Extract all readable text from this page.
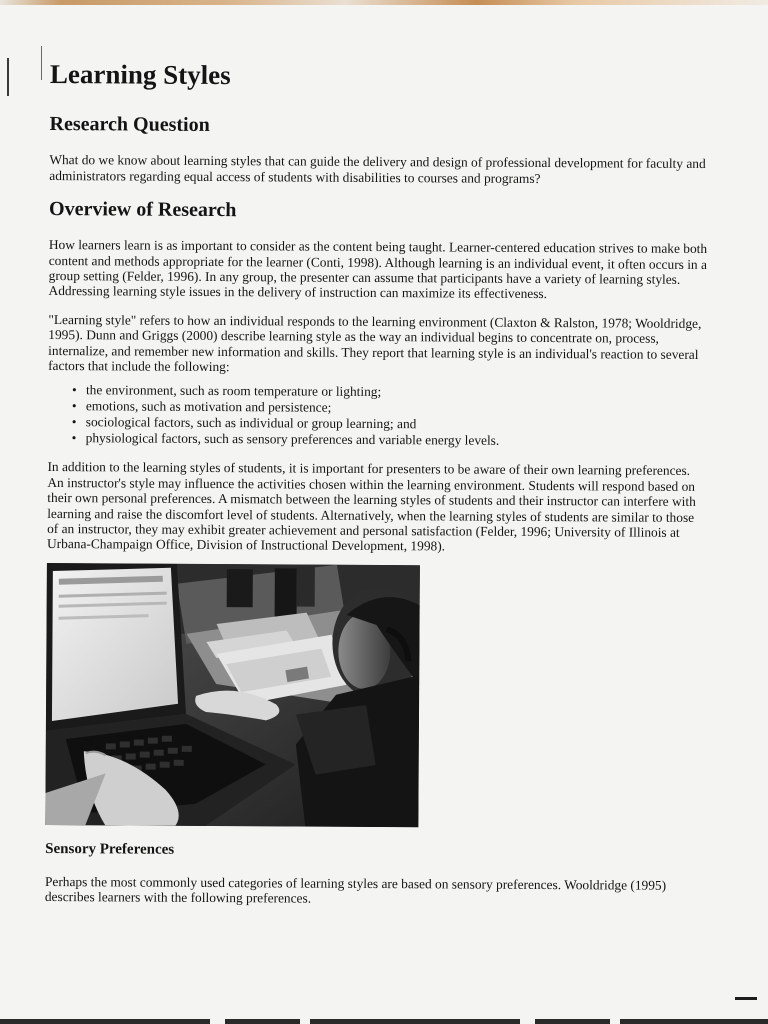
Learning Styles
Research Question

What do we know about learning styles that can guide the delivery and design of professional development for faculty and administrators regarding equal access of students with disabilities to courses and programs?

Overview of Research

How learners learn is as important to consider as the content being taught. Learner-centered education strives to make both content and methods appropriate for the learner (Conti, 1998). Although learning is an individual event, it often occurs in a group setting (Felder, 1996). In any group, the presenter can assume that participants have a variety of learning styles. Addressing learning style issues in the delivery of instruction can maximize its effectiveness.

"Learning style" refers to how an individual responds to the learning environment (Claxton & Ralston, 1978; Wooldridge, 1995). Dunn and Griggs (2000) describe learning style as the way an individual begins to concentrate on, process, internalize, and remember new information and skills. They report that learning style is an individual's reaction to several factors that include the following:

• the environment, such as room temperature or lighting;
• emotions, such as motivation and persistence;
• sociological factors, such as individual or group learning; and
• physiological factors, such as sensory preferences and variable energy levels.

In addition to the learning styles of students, it is important for presenters to be aware of their own learning preferences. An instructor's style may influence the activities chosen within the learning environment. Students will respond based on their own personal preferences. A mismatch between the learning styles of students and their instructor can interfere with learning and raise the discomfort level of students. Alternatively, when the learning styles of students are similar to those of an instructor, they may exhibit greater achievement and personal satisfaction (Felder, 1996; University of Illinois at Urbana-Champaign Office, Division of Instructional Development, 1998).

Sensory Preferences

Perhaps the most commonly used categories of learning styles are based on sensory preferences. Wooldridge (1995) describes learners with the following preferences.
